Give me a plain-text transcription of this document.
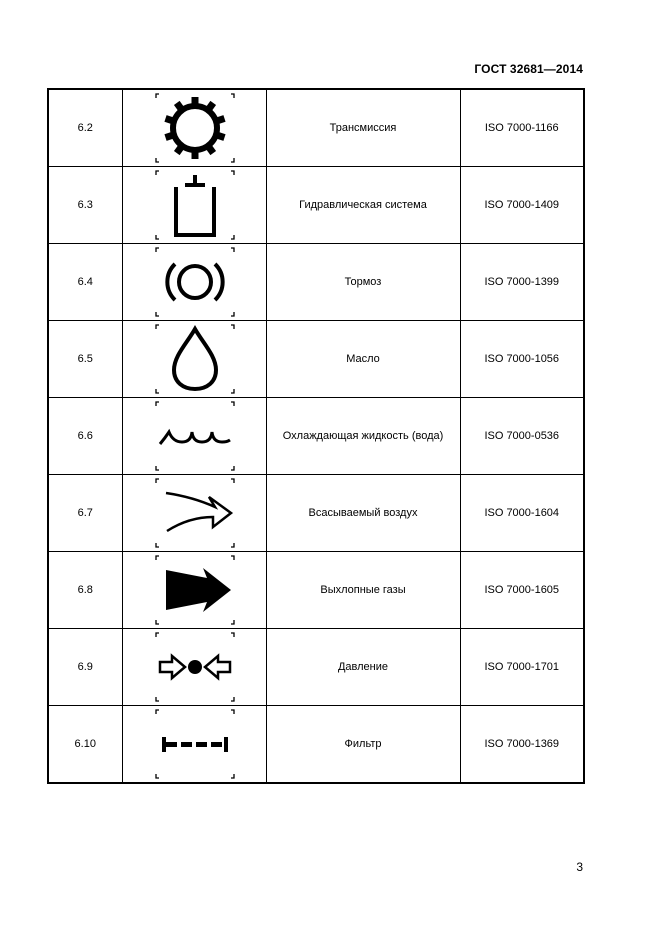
ГОСТ 32681—2014
6.2		Трансмиссия	ISO 7000-1166
6.3		Гидравлическая система	ISO 7000-1409
6.4		Тормоз	ISO 7000-1399
6.5		Масло	ISO 7000-1056
6.6		Охлаждающая жидкость (вода)	ISO 7000-0536
6.7		Всасываемый воздух	ISO 7000-1604
6.8		Выхлопные газы	ISO 7000-1605
6.9		Давление	ISO 7000-1701
6.10		Фильтр	ISO 7000-1369
3
